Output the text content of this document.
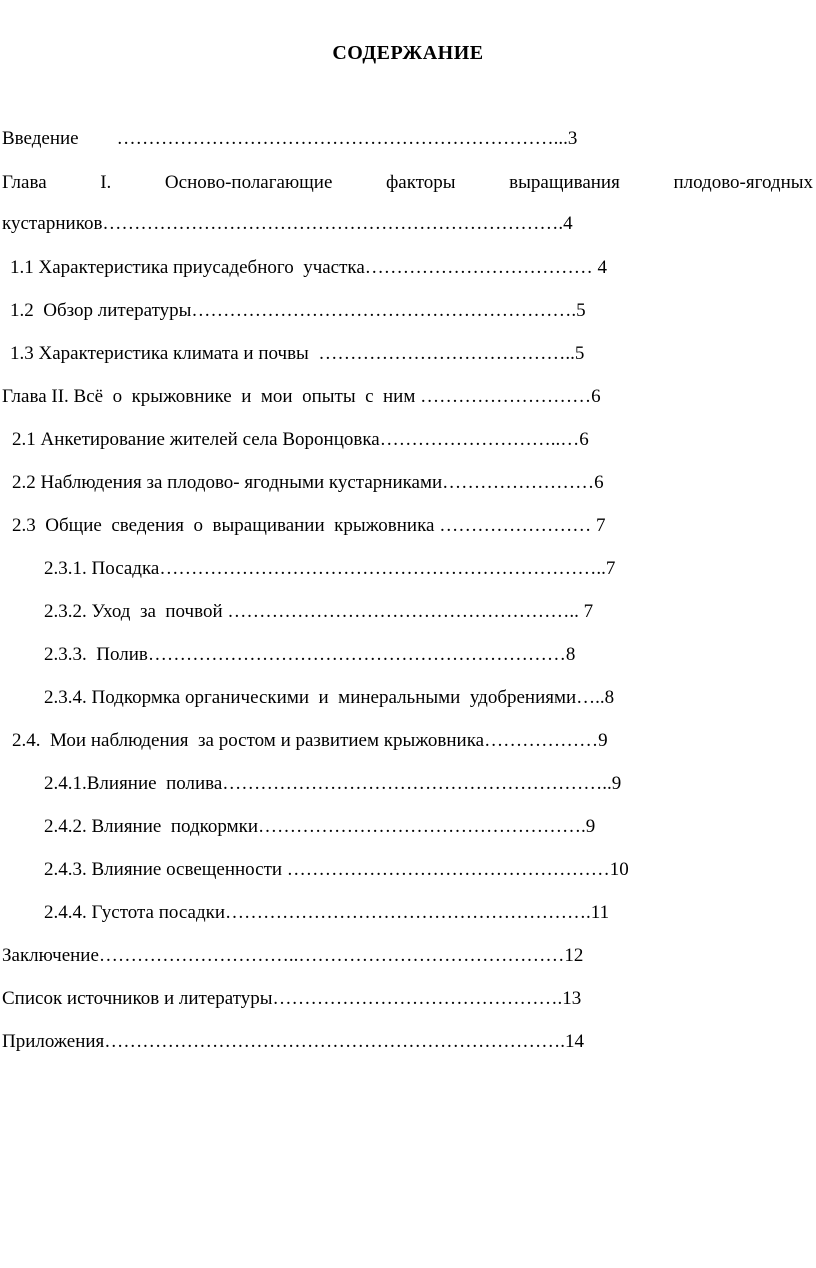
СОДЕРЖАНИЕ
Введение        ……………………………………………………………...3
Глава I. Осново-полагающие факторы выращивания плодово-ягодных
кустарников……………………………………………………………….4
1.1 Характеристика приусадебного  участка……………………………… 4
1.2  Обзор литературы…………………………………………………….5
1.3 Характеристика климата и почвы  …………………………………..5
Глава II. Всё  о  крыжовнике  и  мои  опыты  с  ним ………………………6
2.1 Анкетирование жителей села Воронцовка………………………..…6
2.2 Наблюдения за плодово- ягодными кустарниками……………………6
2.3  Общие  сведения  о  выращивании  крыжовника …………………… 7
2.3.1. Посадка……………………………………………………………..7
2.3.2. Уход  за  почвой ……………………………………………….. 7
2.3.3.  Полив…………………………………………………………8
2.3.4. Подкормка органическими  и  минеральными  удобрениями…..8
2.4.  Мои наблюдения  за ростом и развитием крыжовника………………9
2.4.1.Влияние  полива……………………………………………………..9
2.4.2. Влияние  подкормки…………………………………………….9
2.4.3. Влияние освещенности ……………………………………………10
2.4.4. Густота посадки………………………………………………….11
Заключение…………………………..……………………………………12
Список источников и литературы……………………………………….13
Приложения……………………………………………………………….14
